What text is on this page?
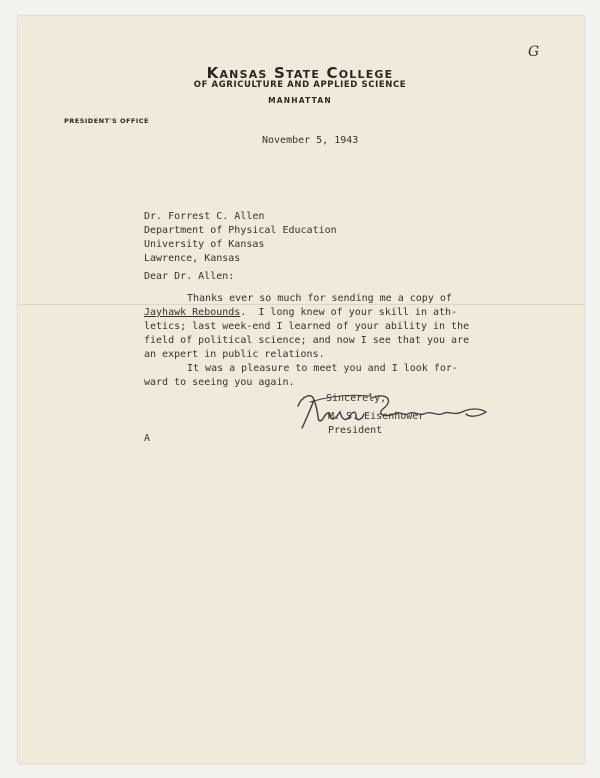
G
Kansas State College
OF AGRICULTURE AND APPLIED SCIENCE
MANHATTAN
PRESIDENT'S OFFICE
November 5, 1943
Dr. Forrest C. Allen
Department of Physical Education
University of Kansas
Lawrence, Kansas
Dear Dr. Allen:
Thanks ever so much for sending me a copy of
Jayhawk Rebounds.  I long knew of your skill in ath-
letics; last week-end I learned of your ability in the
field of political science; and now I see that you are
an expert in public relations.
It was a pleasure to meet you and I look for-
ward to seeing you again.
Sincerely,
M. S. Eisenhower
President
A
